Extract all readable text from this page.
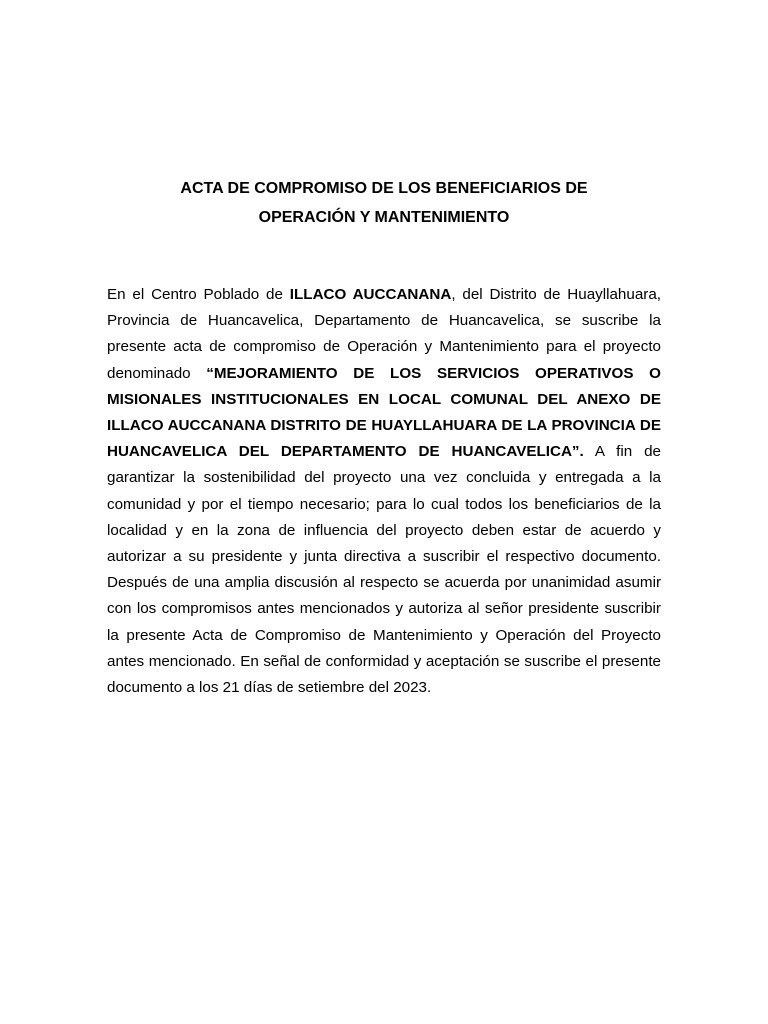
ACTA DE COMPROMISO DE LOS BENEFICIARIOS DE
OPERACIÓN Y MANTENIMIENTO

En el Centro Poblado de ILLACO AUCCANANA, del Distrito de Huayllahuara, Provincia de Huancavelica, Departamento de Huancavelica, se suscribe la presente acta de compromiso de Operación y Mantenimiento para el proyecto denominado “MEJORAMIENTO DE LOS SERVICIOS OPERATIVOS O MISIONALES INSTITUCIONALES EN LOCAL COMUNAL DEL ANEXO DE ILLACO AUCCANANA DISTRITO DE HUAYLLAHUARA DE LA PROVINCIA DE HUANCAVELICA DEL DEPARTAMENTO DE HUANCAVELICA”. A fin de garantizar la sostenibilidad del proyecto una vez concluida y entregada a la comunidad y por el tiempo necesario; para lo cual todos los beneficiarios de la localidad y en la zona de influencia del proyecto deben estar de acuerdo y autorizar a su presidente y junta directiva a suscribir el respectivo documento. Después de una amplia discusión al respecto se acuerda por unanimidad asumir con los compromisos antes mencionados y autoriza al señor presidente suscribir la presente Acta de Compromiso de Mantenimiento y Operación del Proyecto antes mencionado. En señal de conformidad y aceptación se suscribe el presente documento a los 21 días de setiembre del 2023.
